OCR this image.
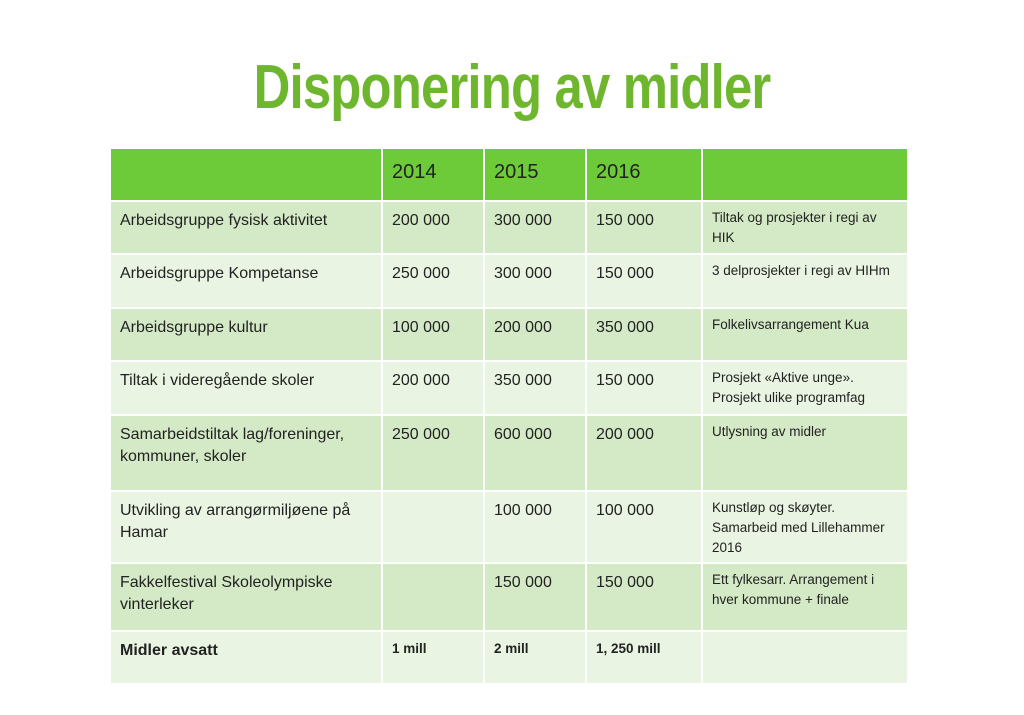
Disponering av midler
	2014	2015	2016	
Arbeidsgruppe fysisk aktivitet	200 000	300 000	150 000	Tiltak og prosjekter i regi av HIK
Arbeidsgruppe Kompetanse	250 000	300 000	150 000	3 delprosjekter i regi av HIHm
Arbeidsgruppe kultur	100 000	200 000	350 000	Folkelivsarrangement Kua
Tiltak i videregående skoler	200 000	350 000	150 000	Prosjekt «Aktive unge». Prosjekt ulike programfag
Samarbeidstiltak lag/foreninger, kommuner, skoler	250 000	600 000	200 000	Utlysning av midler
Utvikling av arrangørmiljøene på Hamar		100 000	100 000	Kunstløp og skøyter. Samarbeid med Lillehammer 2016
Fakkelfestival Skoleolympiske vinterleker		150 000	150 000	Ett fylkesarr. Arrangement i hver kommune + finale
Midler avsatt	1 mill	2 mill	1, 250 mill	
